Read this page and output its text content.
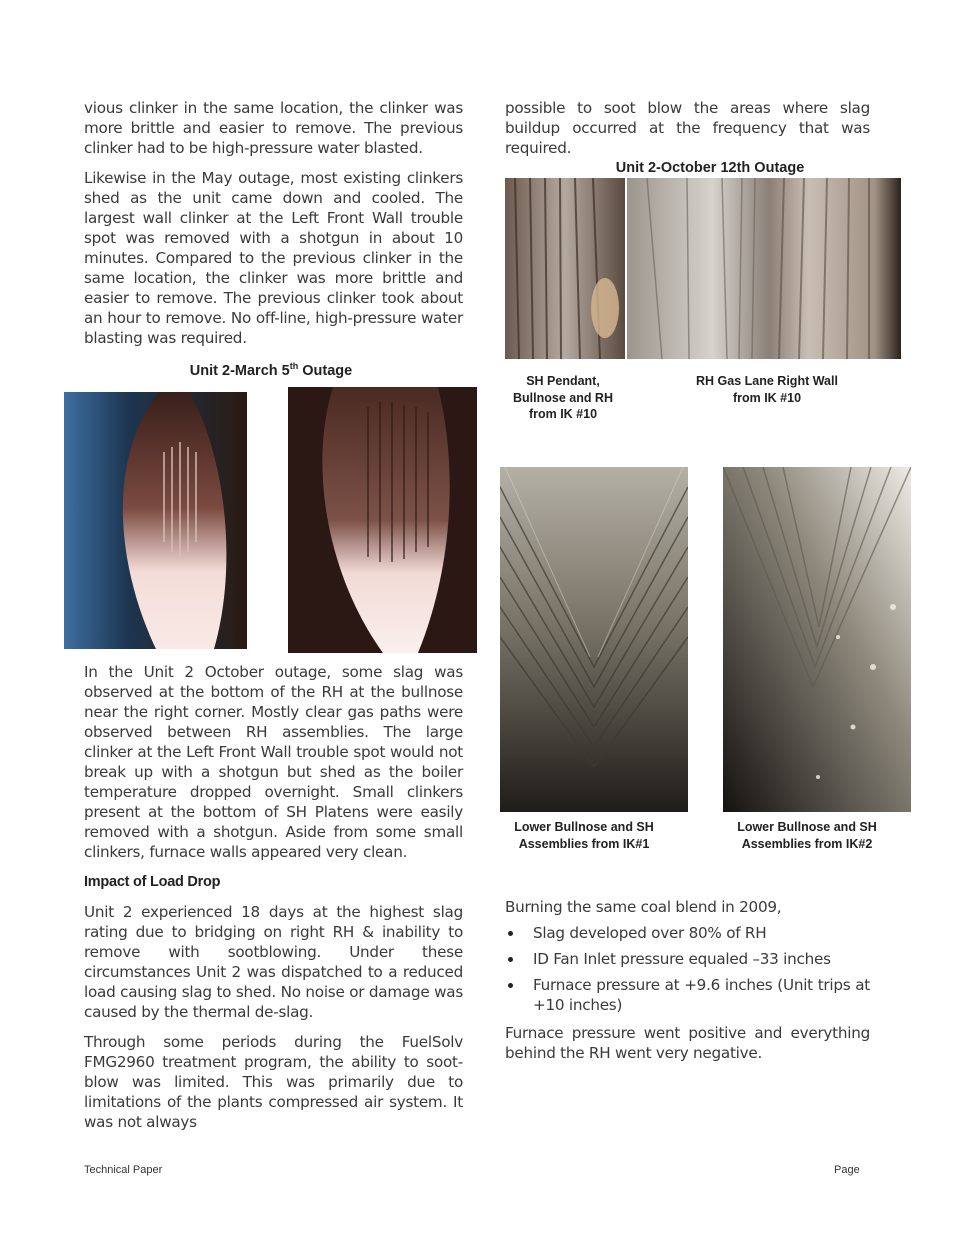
vious clinker in the same location, the clinker was more brittle and easier to remove. The previous clinker had to be high-pressure water blasted.

Likewise in the May outage, most existing clinkers shed as the unit came down and cooled. The largest wall clinker at the Left Front Wall trouble spot was removed with a shotgun in about 10 minutes. Compared to the previous clinker in the same location, the clinker was more brittle and easier to remove. The previous clinker took about an hour to remove. No off-line, high-pressure water blasting was required.

Unit 2-March 5th Outage

In the Unit 2 October outage, some slag was observed at the bottom of the RH at the bullnose near the right corner. Mostly clear gas paths were observed between RH assemblies. The large clinker at the Left Front Wall trouble spot would not break up with a shotgun but shed as the boiler temperature dropped overnight. Small clinkers present at the bottom of SH Platens were easily removed with a shotgun. Aside from some small clinkers, furnace walls appeared very clean.

Impact of Load Drop

Unit 2 experienced 18 days at the highest slag rating due to bridging on right RH & inability to remove with sootblowing. Under these circumstances Unit 2 was dispatched to a reduced load causing slag to shed. No noise or damage was caused by the thermal de-slag.

Through some periods during the FuelSolv FMG2960 treatment program, the ability to soot-blow was limited. This was primarily due to limitations of the plants compressed air system. It was not always

possible to soot blow the areas where slag buildup occurred at the frequency that was required.

Unit 2-October 12th Outage
SH Pendant,
Bullnose and RH
from IK #10
RH Gas Lane Right Wall
from IK #10
Lower Bullnose and SH
Assemblies from IK#1
Lower Bullnose and SH
Assemblies from IK#2

Burning the same coal blend in 2009,

Slag developed over 80% of RH
ID Fan Inlet pressure equaled –33 inches
Furnace pressure at +9.6 inches (Unit trips at +10 inches)

Furnace pressure went positive and everything behind the RH went very negative.

Technical Paper	Page
